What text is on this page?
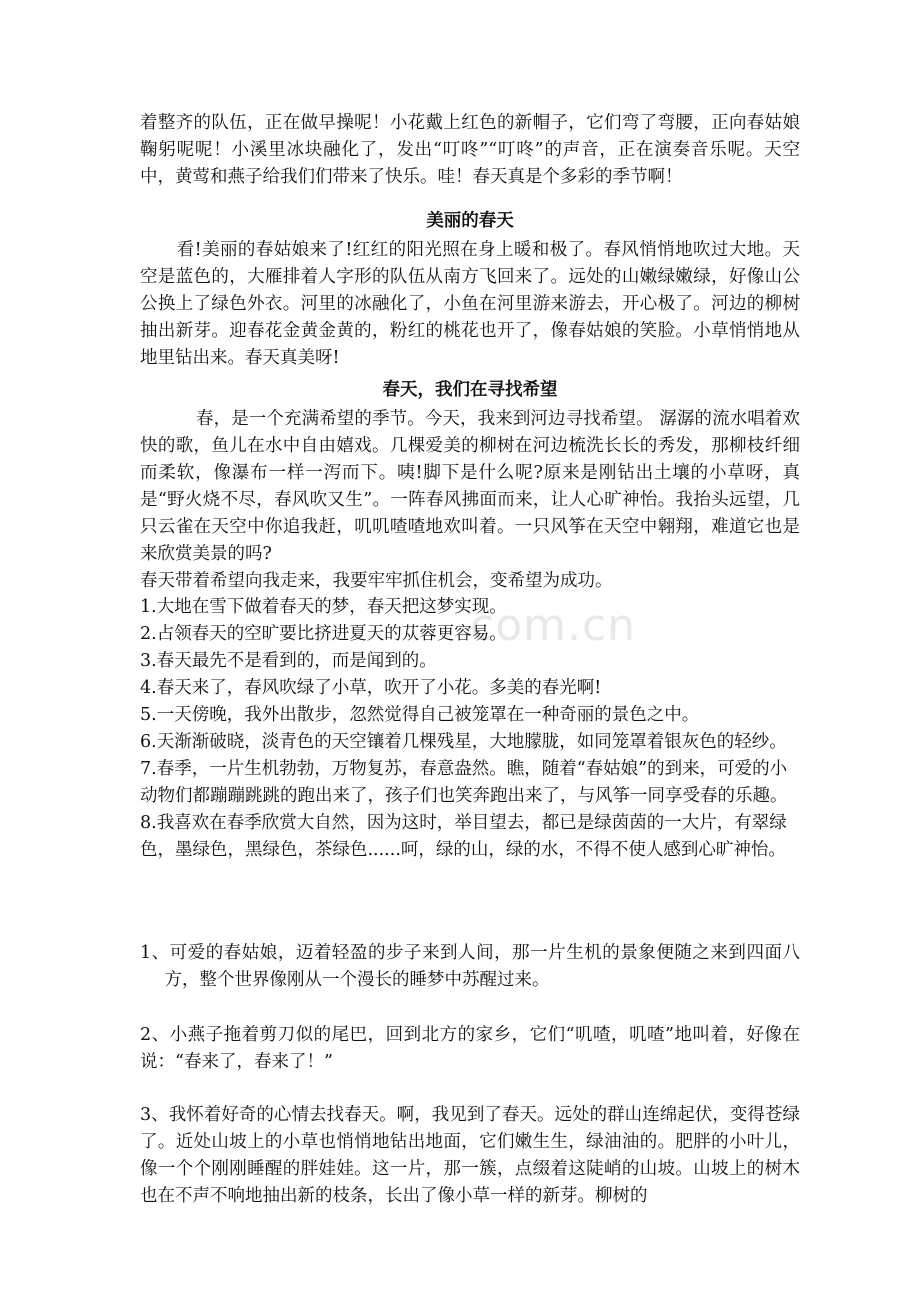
com.cn

着整齐的队伍，正在做早操呢！小花戴上红色的新帽子，它们弯了弯腰，正向春姑娘鞠躬呢呢！小溪里冰块融化了，发出“叮咚”“叮咚”的声音，正在演奏音乐呢。天空中，黄莺和燕子给我们们带来了快乐。哇！春天真是个多彩的季节啊！

美丽的春天

看!美丽的春姑娘来了!红红的阳光照在身上暖和极了。春风悄悄地吹过大地。天空是蓝色的，大雁排着人字形的队伍从南方飞回来了。远处的山嫩绿嫩绿，好像山公公换上了绿色外衣。河里的冰融化了，小鱼在河里游来游去，开心极了。河边的柳树抽出新芽。迎春花金黄金黄的，粉红的桃花也开了，像春姑娘的笑脸。小草悄悄地从地里钻出来。春天真美呀!

春天，我们在寻找希望

春，是一个充满希望的季节。今天，我来到河边寻找希望。 潺潺的流水唱着欢快的歌，鱼儿在水中自由嬉戏。几棵爱美的柳树在河边梳洗长长的秀发，那柳枝纤细而柔软，像瀑布一样一泻而下。咦!脚下是什么呢?原来是刚钻出土壤的小草呀，真是“野火烧不尽，春风吹又生”。一阵春风拂面而来，让人心旷神怡。我抬头远望，几只云雀在天空中你追我赶，叽叽喳喳地欢叫着。一只风筝在天空中翱翔，难道它也是来欣赏美景的吗?

春天带着希望向我走来，我要牢牢抓住机会，变希望为成功。

1.大地在雪下做着春天的梦，春天把这梦实现。

2.占领春天的空旷要比挤进夏天的苁蓉更容易。

3.春天最先不是看到的，而是闻到的。

4.春天来了，春风吹绿了小草，吹开了小花。多美的春光啊!

5.一天傍晚，我外出散步，忽然觉得自己被笼罩在一种奇丽的景色之中。

6.天渐渐破晓，淡青色的天空镶着几棵残星，大地朦胧，如同笼罩着银灰色的轻纱。

7.春季，一片生机勃勃，万物复苏，春意盎然。瞧，随着“春姑娘”的到来，可爱的小动物们都蹦蹦跳跳的跑出来了，孩子们也笑奔跑出来了，与风筝一同享受春的乐趣。

8.我喜欢在春季欣赏大自然，因为这时，举目望去，都已是绿茵茵的一大片，有翠绿色，墨绿色，黑绿色，茶绿色......呵，绿的山，绿的水，不得不使人感到心旷神怡。

1、可爱的春姑娘，迈着轻盈的步子来到人间，那一片生机的景象便随之来到四面八方，整个世界像刚从一个漫长的睡梦中苏醒过来。

2、小燕子拖着剪刀似的尾巴，回到北方的家乡，它们“叽喳，叽喳”地叫着，好像在说：“春来了，春来了！”

3、我怀着好奇的心情去找春天。啊，我见到了春天。远处的群山连绵起伏，变得苍绿了。近处山坡上的小草也悄悄地钻出地面，它们嫩生生，绿油油的。肥胖的小叶儿，像一个个刚刚睡醒的胖娃娃。这一片，那一簇，点缀着这陡峭的山坡。山坡上的树木也在不声不响地抽出新的枝条，长出了像小草一样的新芽。柳树的
